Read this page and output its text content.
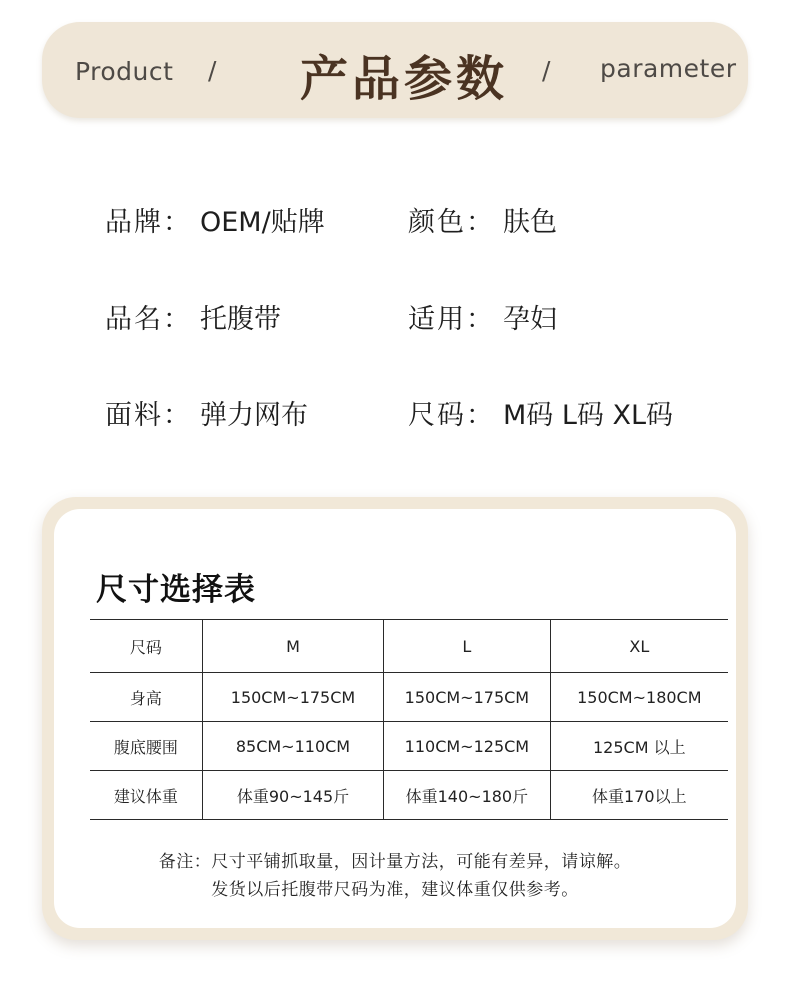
Product / 产品参数 / parameter
品牌： OEM/贴牌	颜色： 肤色
品名： 托腹带	适用： 孕妇
面料： 弹力网布	尺码： M码 L码 XL码
尺寸选择表
尺码	M	L	XL
身高	150CM~175CM	150CM~175CM	150CM~180CM
腹底腰围	85CM~110CM	110CM~125CM	125CM 以上
建议体重	体重90~145斤	体重140~180斤	体重170以上
备注：尺寸平铺抓取量，因计量方法，可能有差异，请谅解。
发货以后托腹带尺码为准，建议体重仅供参考。
